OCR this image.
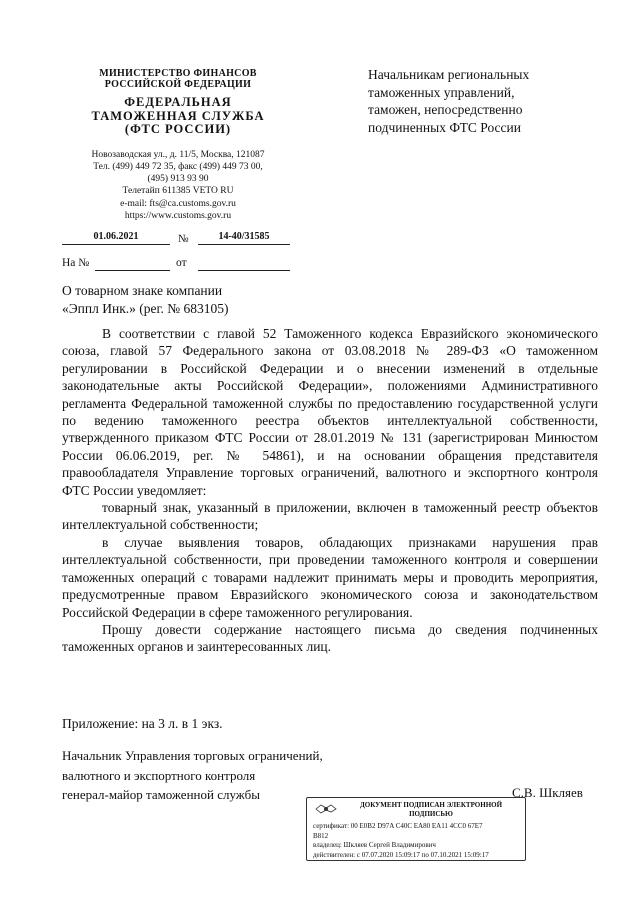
МИНИСТЕРСТВО ФИНАНСОВ
РОССИЙСКОЙ ФЕДЕРАЦИИ
ФЕДЕРАЛЬНАЯ
ТАМОЖЕННАЯ СЛУЖБА
(ФТС РОССИИ)
Новозаводская ул., д. 11/5, Москва, 121087
Тел. (499) 449 72 35, факс (499) 449 73 00,
(495) 913 93 90
Телетайп 611385 VETO RU
e-mail: fts@ca.customs.gov.ru
https://www.customs.gov.ru
Начальникам региональных
таможенных управлений,
таможен, непосредственно
подчиненных ФТС России
01.06.2021	№	14-40/31585
На №	от
О товарном знаке компании
«Эппл Инк.» (рег. № 683105)

В соответствии с главой 52 Таможенного кодекса Евразийского экономического союза, главой 57 Федерального закона от 03.08.2018 № 289-ФЗ «О таможенном регулировании в Российской Федерации и о внесении изменений в отдельные законодательные акты Российской Федерации», положениями Административного регламента Федеральной таможенной службы по предоставлению государственной услуги по ведению таможенного реестра объектов интеллектуальной собственности, утвержденного приказом ФТС России от 28.01.2019 № 131 (зарегистрирован Минюстом России 06.06.2019, рег. № 54861), и на основании обращения представителя правообладателя Управление торговых ограничений, валютного и экспортного контроля ФТС России уведомляет:

товарный знак, указанный в приложении, включен в таможенный реестр объектов интеллектуальной собственности;

в случае выявления товаров, обладающих признаками нарушения прав интеллектуальной собственности, при проведении таможенного контроля и совершении таможенных операций с товарами надлежит принимать меры и проводить мероприятия, предусмотренные правом Евразийского экономического союза и законодательством Российской Федерации в сфере таможенного регулирования.

Прошу довести содержание настоящего письма до сведения подчиненных таможенных органов и заинтересованных лиц.

Приложение: на 3 л. в 1 экз.
Начальник Управления торговых ограничений,
валютного и экспортного контроля
генерал-майор таможенной службы	С.В. Шкляев
ДОКУМЕНТ ПОДПИСАН ЭЛЕКТРОННОЙ
ПОДПИСЬЮ
сертификат: 00 E0B2 D97A C40C EA80 EA11 4CC0 67E7
B812
владелец: Шкляев Сергей Владимирович
действителен: с 07.07.2020 15:09:17 по 07.10.2021 15:09:17
